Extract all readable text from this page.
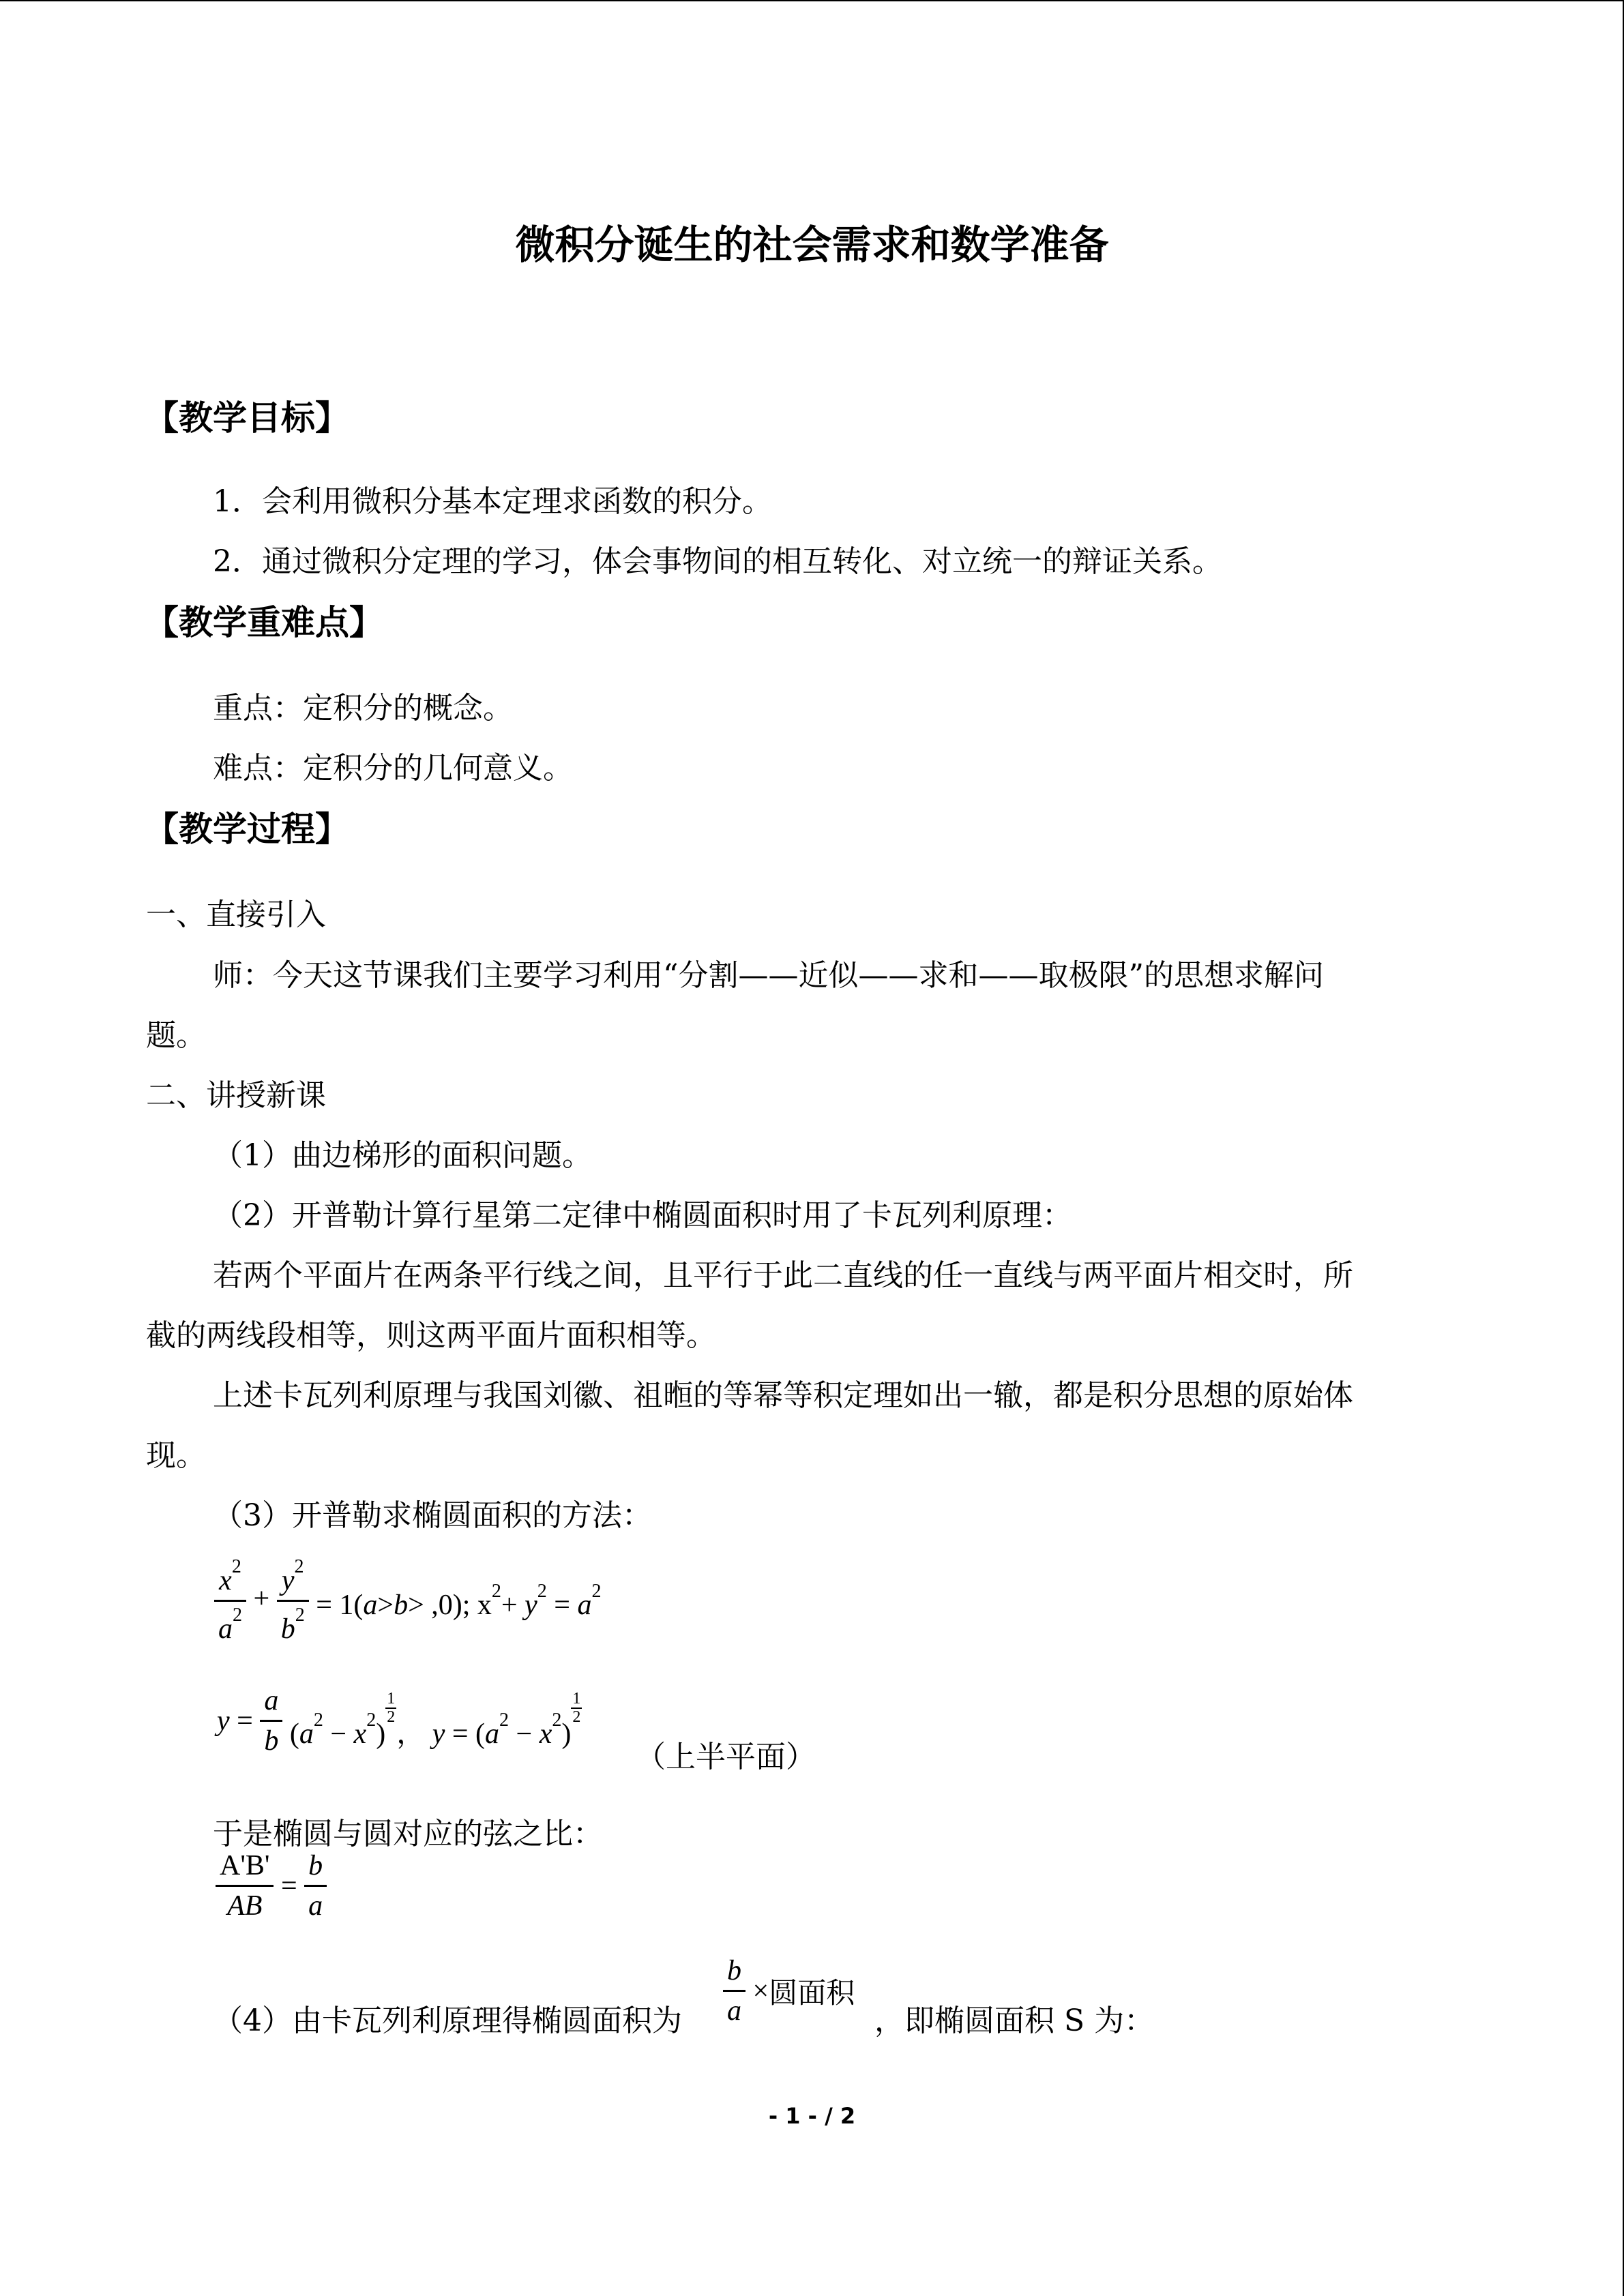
微积分诞生的社会需求和数学准备
【教学目标】
1．会利用微积分基本定理求函数的积分。
2．通过微积分定理的学习，体会事物间的相互转化、对立统一的辩证关系。
【教学重难点】
重点：定积分的概念。
难点：定积分的几何意义。
【教学过程】
一、直接引入
师：今天这节课我们主要学习利用“分割——近似——求和——取极限”的思想求解问
题。
二、讲授新课
（1）曲边梯形的面积问题。
（2）开普勒计算行星第二定律中椭圆面积时用了卡瓦列利原理：
若两个平面片在两条平行线之间，且平行于此二直线的任一直线与两平面片相交时，所
截的两线段相等，则这两平面片面积相等。
上述卡瓦列利原理与我国刘徽、祖暅的等幂等积定理如出一辙，都是积分思想的原始体
现。
（3）开普勒求椭圆面积的方法：
$\frac{x^2}{a^2} + \frac{y^2}{b^2} = 1(a>b> ,0)$; $x^2+ y^2 = a^2$
$y = \frac{a}{b} (a^2 - x^2)$
$\frac{1}{2}$
， $y = (a^2 - x^2)$
$\frac{1}{2}$
（上半平面）
于是椭圆与圆对应的弦之比：
$\frac{A'B'}{AB} = \frac{b}{a}$
（4）由卡瓦列利原理得椭圆面积为 $\frac{b}{a}$ ×圆面积
，即椭圆面积 S 为：
- 1 - / 2
